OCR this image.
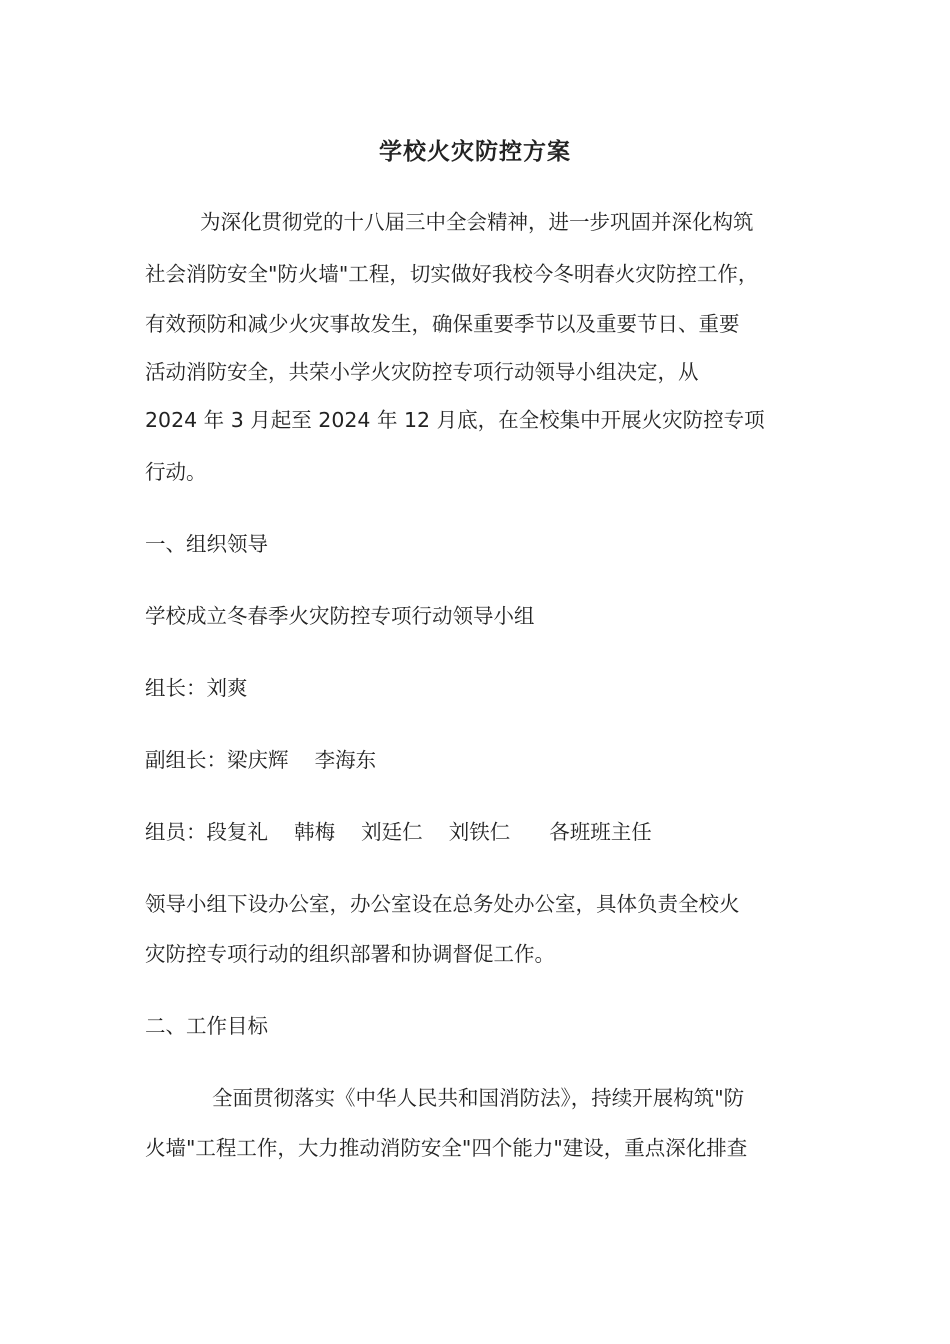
学校火灾防控方案
为深化贯彻党的十八届三中全会精神，进一步巩固并深化构筑
社会消防安全"防火墙"工程，切实做好我校今冬明春火灾防控工作，
有效预防和减少火灾事故发生，确保重要季节以及重要节日、重要
活动消防安全，共荣小学火灾防控专项行动领导小组决定，从
2024 年 3 月起至 2024 年 12 月底，在全校集中开展火灾防控专项
行动。
一、组织领导
学校成立冬春季火灾防控专项行动领导小组
组长：刘爽
副组长：梁庆辉    李海东
组员：段复礼    韩梅    刘廷仁    刘铁仁      各班班主任
领导小组下设办公室，办公室设在总务处办公室，具体负责全校火
灾防控专项行动的组织部署和协调督促工作。
二、工作目标
全面贯彻落实《中华人民共和国消防法》，持续开展构筑"防
火墙"工程工作，大力推动消防安全"四个能力"建设，重点深化排查
